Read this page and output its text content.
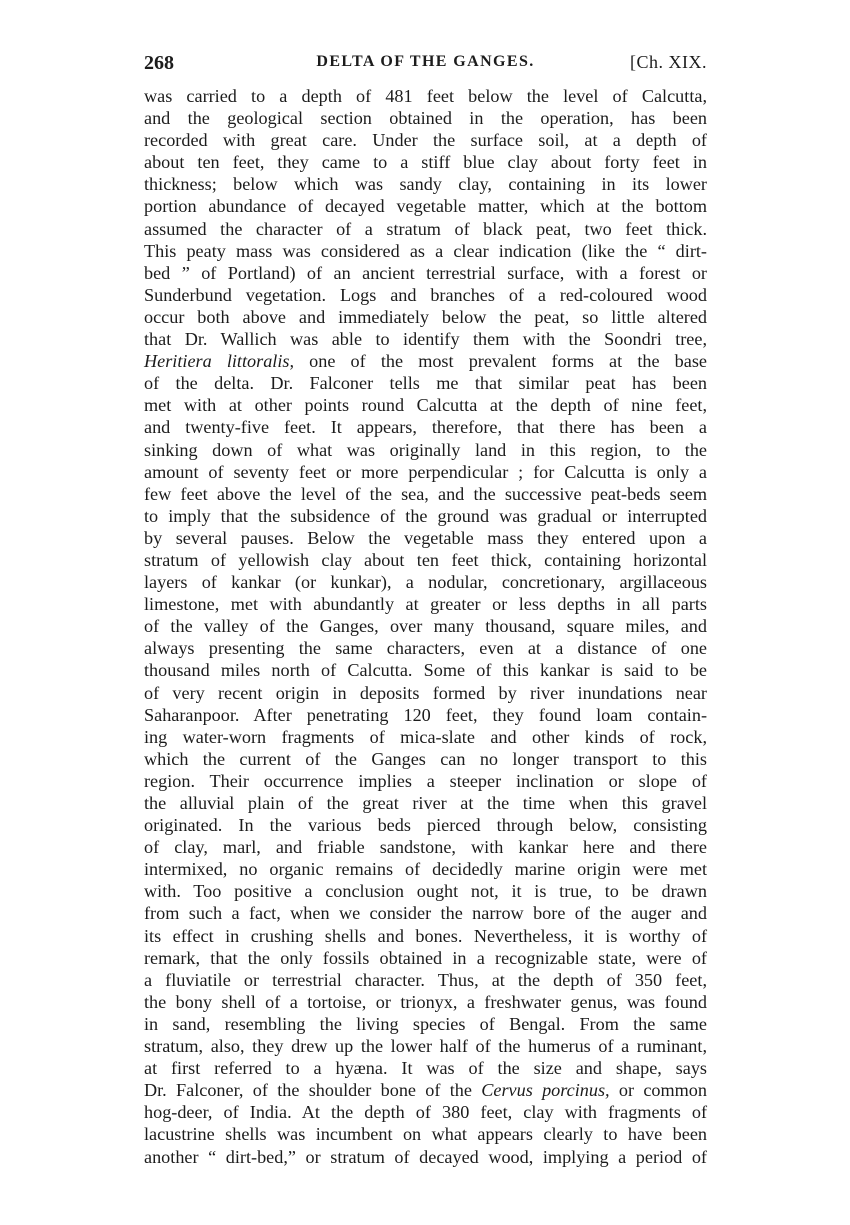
268	DELTA OF THE GANGES.	[Ch. XIX.
was carried to a depth of 481 feet below the level of Calcutta,
and the geological section obtained in the operation, has been
recorded with great care. Under the surface soil, at a depth of
about ten feet, they came to a stiff blue clay about forty feet in
thickness; below which was sandy clay, containing in its lower
portion abundance of decayed vegetable matter, which at the bottom
assumed the character of a stratum of black peat, two feet thick.
This peaty mass was considered as a clear indication (like the “ dirt-
bed ” of Portland) of an ancient terrestrial surface, with a forest or
Sunderbund vegetation. Logs and branches of a red-coloured wood
occur both above and immediately below the peat, so little altered
that Dr. Wallich was able to identify them with the Soondri tree,
Heritiera littoralis, one of the most prevalent forms at the base
of the delta. Dr. Falconer tells me that similar peat has been
met with at other points round Calcutta at the depth of nine feet,
and twenty-five feet. It appears, therefore, that there has been a
sinking down of what was originally land in this region, to the
amount of seventy feet or more perpendicular ; for Calcutta is only a
few feet above the level of the sea, and the successive peat-beds seem
to imply that the subsidence of the ground was gradual or interrupted
by several pauses. Below the vegetable mass they entered upon a
stratum of yellowish clay about ten feet thick, containing horizontal
layers of kankar (or kunkar), a nodular, concretionary, argillaceous
limestone, met with abundantly at greater or less depths in all parts
of the valley of the Ganges, over many thousand, square miles, and
always presenting the same characters, even at a distance of one
thousand miles north of Calcutta. Some of this kankar is said to be
of very recent origin in deposits formed by river inundations near
Saharanpoor. After penetrating 120 feet, they found loam contain-
ing water-worn fragments of mica-slate and other kinds of rock,
which the current of the Ganges can no longer transport to this
region. Their occurrence implies a steeper inclination or slope of
the alluvial plain of the great river at the time when this gravel
originated. In the various beds pierced through below, consisting
of clay, marl, and friable sandstone, with kankar here and there
intermixed, no organic remains of decidedly marine origin were met
with. Too positive a conclusion ought not, it is true, to be drawn
from such a fact, when we consider the narrow bore of the auger and
its effect in crushing shells and bones. Nevertheless, it is worthy of
remark, that the only fossils obtained in a recognizable state, were of
a fluviatile or terrestrial character. Thus, at the depth of 350 feet,
the bony shell of a tortoise, or trionyx, a freshwater genus, was found
in sand, resembling the living species of Bengal. From the same
stratum, also, they drew up the lower half of the humerus of a ruminant,
at first referred to a hyæna. It was of the size and shape, says
Dr. Falconer, of the shoulder bone of the Cervus porcinus, or common
hog-deer, of India. At the depth of 380 feet, clay with fragments of
lacustrine shells was incumbent on what appears clearly to have been
another “ dirt-bed,” or stratum of decayed wood, implying a period of
